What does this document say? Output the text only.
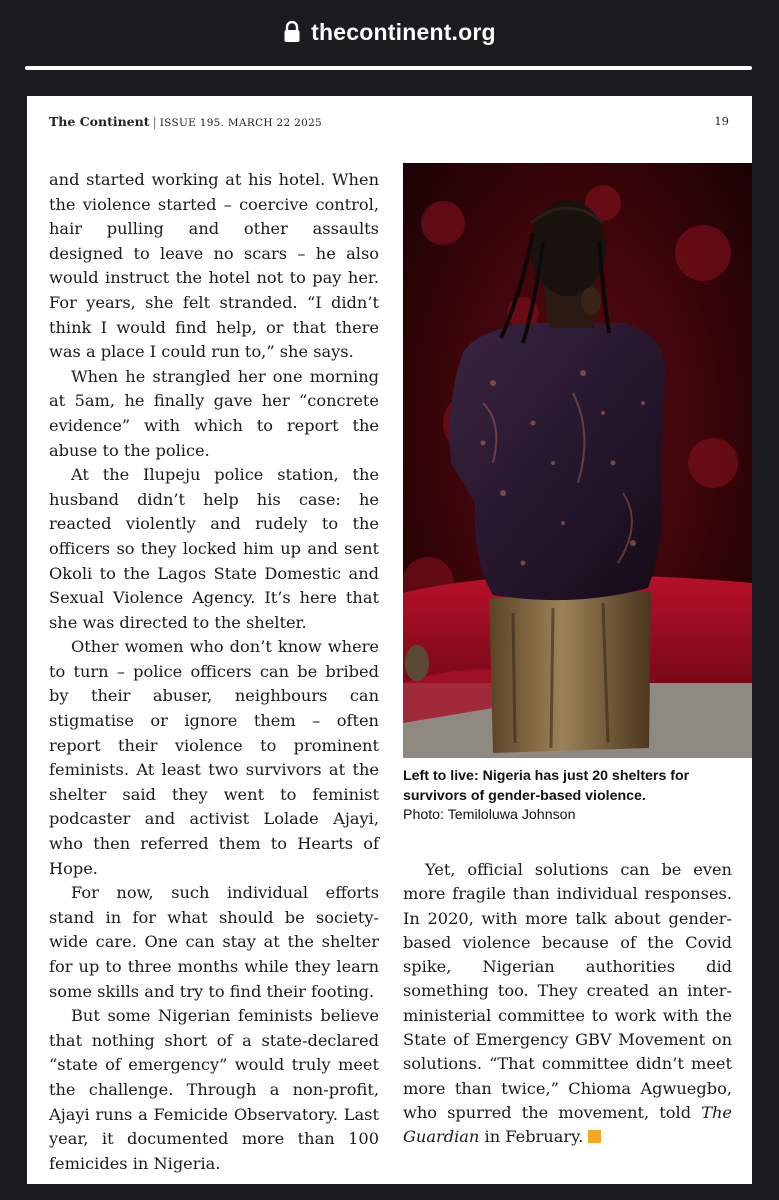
thecontinent.org
The Continent | ISSUE 195. MARCH 22 2025	19

and started working at his hotel. When the violence started – coercive control, hair pulling and other assaults designed to leave no scars – he also would instruct the hotel not to pay her. For years, she felt stranded. “I didn’t think I would find help, or that there was a place I could run to,” she says.

When he strangled her one morning at 5am, he finally gave her “concrete evidence” with which to report the abuse to the police.

At the Ilupeju police station, the husband didn’t help his case: he reacted violently and rudely to the officers so they locked him up and sent Okoli to the Lagos State Domestic and Sexual Violence Agency. It’s here that she was directed to the shelter.

Other women who don’t know where to turn – police officers can be bribed by their abuser, neighbours can stigmatise or ignore them – often report their violence to prominent feminists. At least two survivors at the shelter said they went to feminist podcaster and activist Lolade Ajayi, who then referred them to Hearts of Hope.

For now, such individual efforts stand in for what should be society-wide care. One can stay at the shelter for up to three months while they learn some skills and try to find their footing.

But some Nigerian feminists believe that nothing short of a state-declared “state of emergency” would truly meet the challenge. Through a non-profit, Ajayi runs a Femicide Observatory. Last year, it documented more than 100 femicides in Nigeria.

Left to live: Nigeria has just 20 shelters for survivors of gender-based violence.
Photo: Temiloluwa Johnson

Yet, official solutions can be even more fragile than individual responses. In 2020, with more talk about gender-based violence because of the Covid spike, Nigerian authorities did something too. They created an inter-ministerial committee to work with the State of Emergency GBV Movement on solutions. “That committee didn’t meet more than twice,” Chioma Agwuegbo, who spurred the movement, told The Guardian in February.
